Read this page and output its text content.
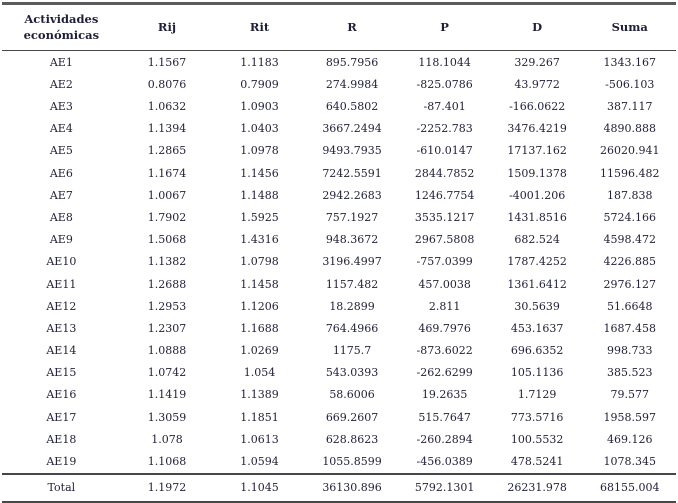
Actividades económicas	Rij	Rit	R	P	D	Suma
AE1	1.1567	1.1183	895.7956	118.1044	329.267	1343.167
AE2	0.8076	0.7909	274.9984	-825.0786	43.9772	-506.103
AE3	1.0632	1.0903	640.5802	-87.401	-166.0622	387.117
AE4	1.1394	1.0403	3667.2494	-2252.783	3476.4219	4890.888
AE5	1.2865	1.0978	9493.7935	-610.0147	17137.162	26020.941
AE6	1.1674	1.1456	7242.5591	2844.7852	1509.1378	11596.482
AE7	1.0067	1.1488	2942.2683	1246.7754	-4001.206	187.838
AE8	1.7902	1.5925	757.1927	3535.1217	1431.8516	5724.166
AE9	1.5068	1.4316	948.3672	2967.5808	682.524	4598.472
AE10	1.1382	1.0798	3196.4997	-757.0399	1787.4252	4226.885
AE11	1.2688	1.1458	1157.482	457.0038	1361.6412	2976.127
AE12	1.2953	1.1206	18.2899	2.811	30.5639	51.6648
AE13	1.2307	1.1688	764.4966	469.7976	453.1637	1687.458
AE14	1.0888	1.0269	1175.7	-873.6022	696.6352	998.733
AE15	1.0742	1.054	543.0393	-262.6299	105.1136	385.523
AE16	1.1419	1.1389	58.6006	19.2635	1.7129	79.577
AE17	1.3059	1.1851	669.2607	515.7647	773.5716	1958.597
AE18	1.078	1.0613	628.8623	-260.2894	100.5532	469.126
AE19	1.1068	1.0594	1055.8599	-456.0389	478.5241	1078.345
Total	1.1972	1.1045	36130.896	5792.1301	26231.978	68155.004
